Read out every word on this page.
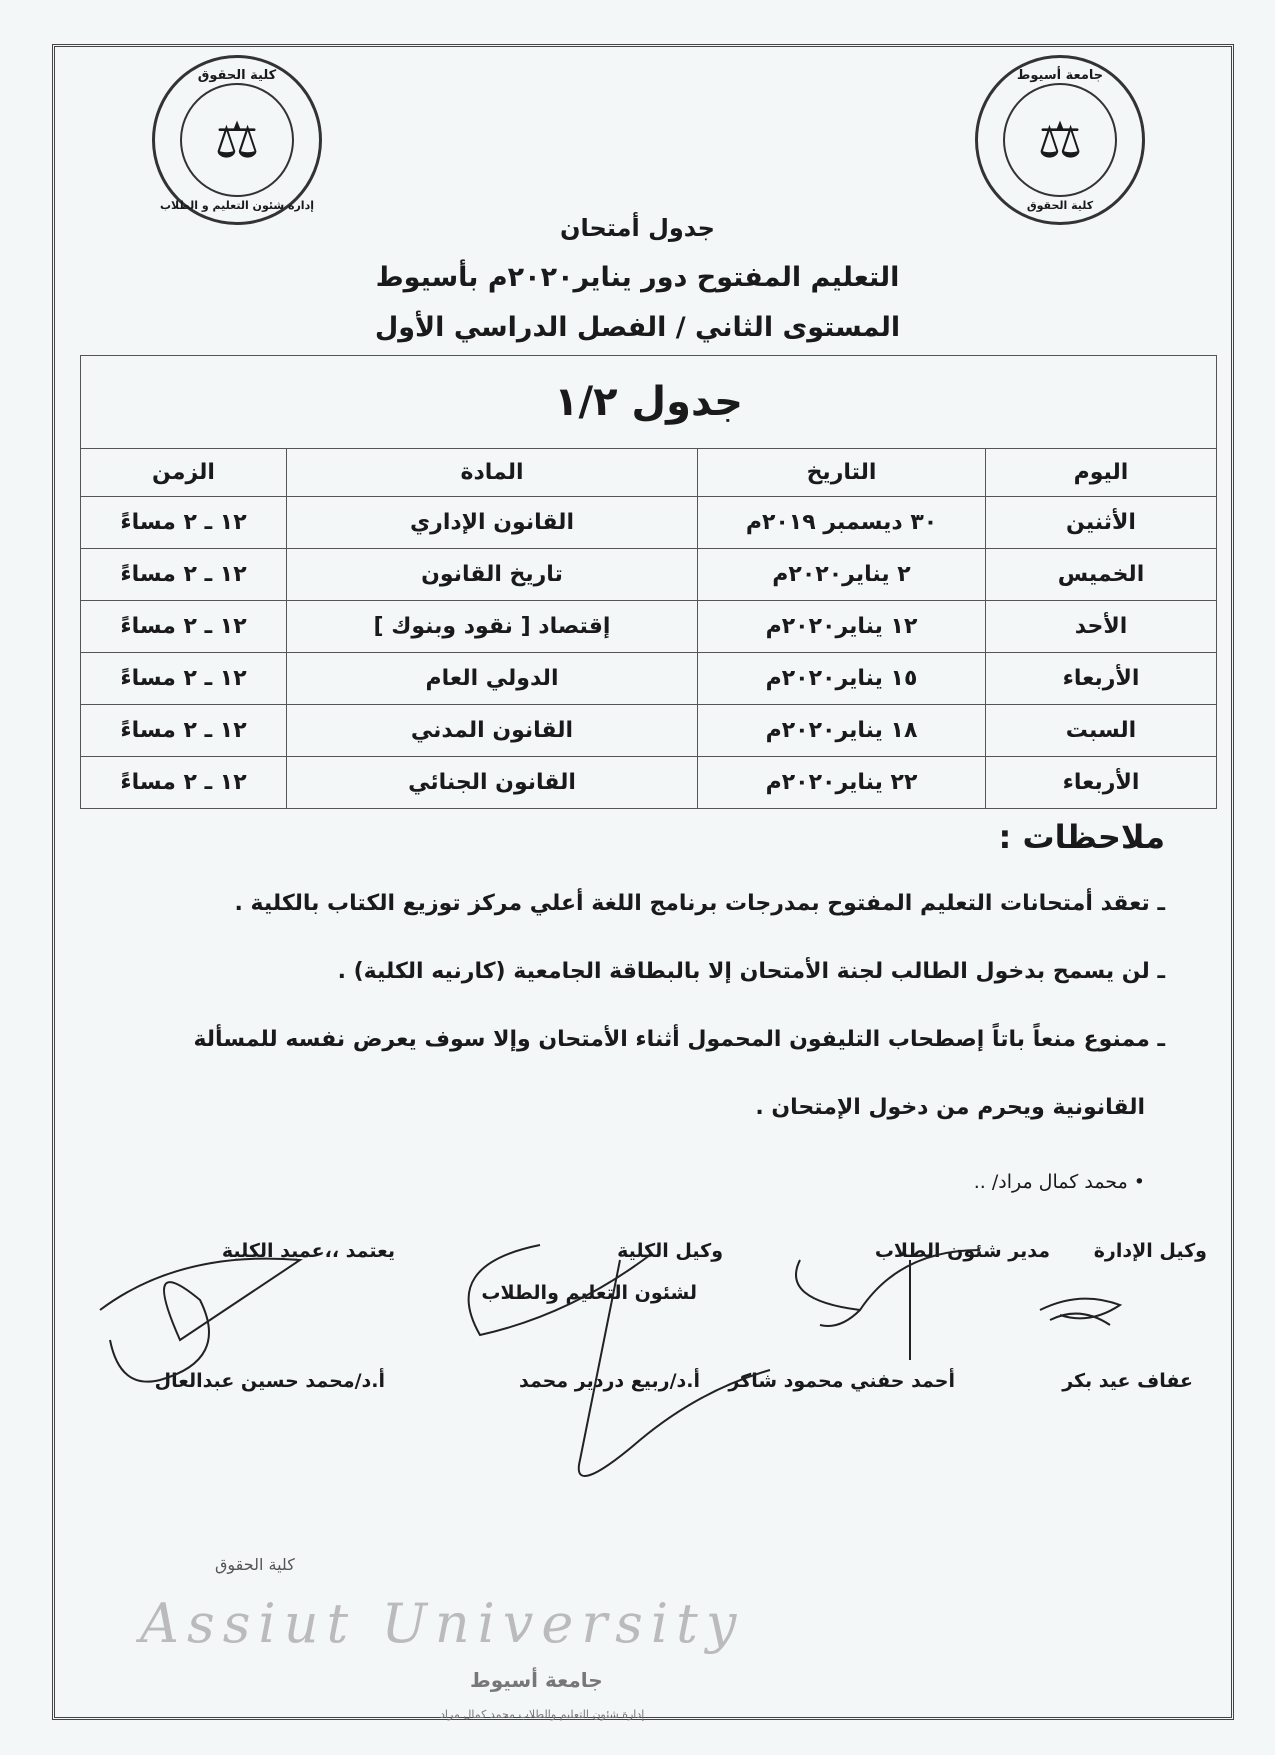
كلية الحقوق
⚖
إدارة شئون التعليم و الطلاب
جامعة أسيوط
⚖
كلية الحقوق
جدول أمتحان
التعليم المفتوح دور يناير٢٠٢٠م بأسيوط
المستوى الثاني / الفصل الدراسي الأول
جدول ١/٢			
اليوم	التاريخ	المادة	الزمن
الأثنين	٣٠ ديسمبر ٢٠١٩م	القانون الإداري	١٢ ـ ٢ مساءً
الخميس	٢ يناير٢٠٢٠م	تاريخ القانون	١٢ ـ ٢ مساءً
الأحد	١٢ يناير٢٠٢٠م	إقتصاد [ نقود وبنوك ]	١٢ ـ ٢ مساءً
الأربعاء	١٥ يناير٢٠٢٠م	الدولي العام	١٢ ـ ٢ مساءً
السبت	١٨ يناير٢٠٢٠م	القانون المدني	١٢ ـ ٢ مساءً
الأربعاء	٢٢ يناير٢٠٢٠م	القانون الجنائي	١٢ ـ ٢ مساءً
ملاحظات :
ـ تعقد أمتحانات التعليم المفتوح بمدرجات برنامج اللغة أعلي مركز توزيع الكتاب بالكلية .
ـ لن يسمح بدخول الطالب لجنة الأمتحان إلا بالبطاقة الجامعية (كارنيه الكلية) .
ـ ممنوع منعاً باتاً إصطحاب التليفون المحمول أثناء الأمتحان وإلا سوف يعرض نفسه للمسألة
القانونية ويحرم من دخول الإمتحان .
• محمد كمال مراد/ ..
وكيل الإدارة
مدير شئون الطلاب
وكيل الكلية
لشئون التعليم والطلاب
يعتمد ،،عميد الكلية
عفاف عيد بكر
أحمد حفني محمود شاكر
أ.د/ربيع دردير محمد
أ.د/محمد حسين عبدالعال
كلية الحقوق
Assiut University
جامعة أسيوط
إدارة شئون التعليم والطلاب محمد كمال مراد
